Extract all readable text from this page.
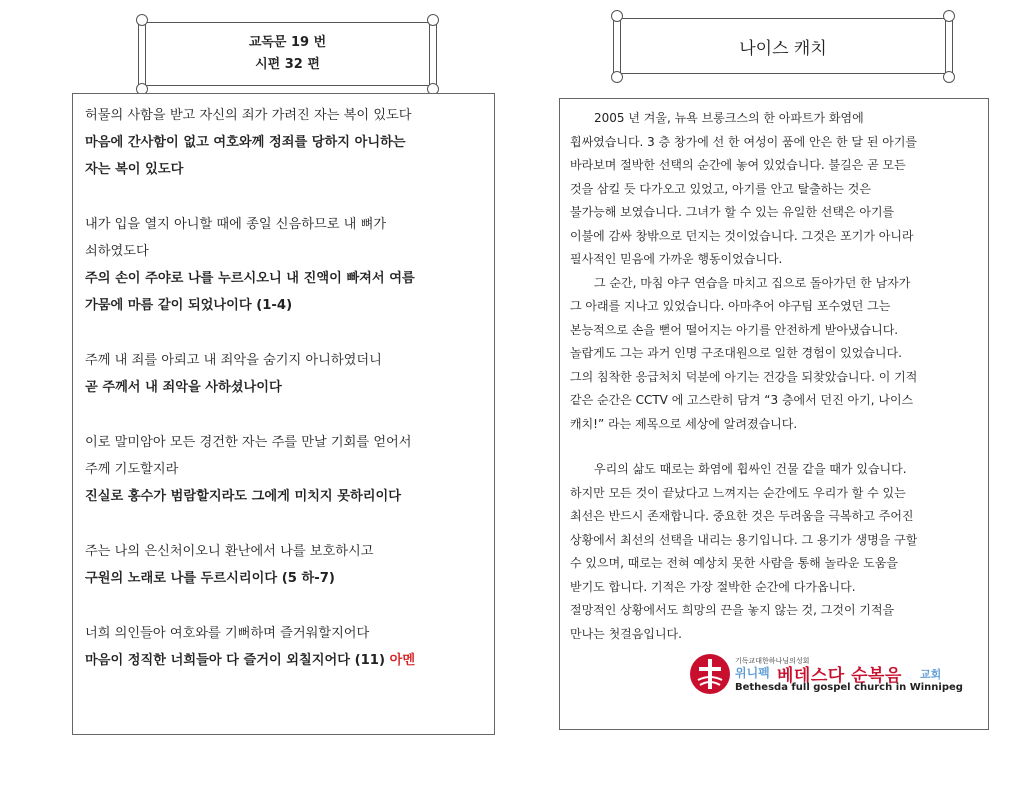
교독문 19 번
시편 32 편
나이스 캐치
허물의 사함을 받고 자신의 죄가 가려진 자는 복이 있도다
마음에 간사함이 없고 여호와께 정죄를 당하지 아니하는
자는 복이 있도다
내가 입을 열지 아니할 때에 종일 신음하므로 내 뼈가
쇠하였도다
주의 손이 주야로 나를 누르시오니 내 진액이 빠져서 여름
가뭄에 마름 같이 되었나이다 (1-4)
주께 내 죄를 아뢰고 내 죄악을 숨기지 아니하였더니
곧 주께서 내 죄악을 사하셨나이다
이로 말미암아 모든 경건한 자는 주를 만날 기회를 얻어서
주께 기도할지라
진실로 홍수가 범람할지라도 그에게 미치지 못하리이다
주는 나의 은신처이오니 환난에서 나를 보호하시고
구원의 노래로 나를 두르시리이다 (5 하-7)
너희 의인들아 여호와를 기뻐하며 즐거워할지어다
마음이 정직한 너희들아 다 즐거이 외칠지어다 (11) 아멘

2005 년 겨울, 뉴욕 브롱크스의 한 아파트가 화염에

휩싸였습니다. 3 층 창가에 선 한 여성이 품에 안은 한 달 된 아기를

바라보며 절박한 선택의 순간에 놓여 있었습니다. 불길은 곧 모든

것을 삼킬 듯 다가오고 있었고, 아기를 안고 탈출하는 것은

불가능해 보였습니다. 그녀가 할 수 있는 유일한 선택은 아기를

이불에 감싸 창밖으로 던지는 것이었습니다. 그것은 포기가 아니라

필사적인 믿음에 가까운 행동이었습니다.

그 순간, 마침 야구 연습을 마치고 집으로 돌아가던 한 남자가

그 아래를 지나고 있었습니다. 아마추어 야구팀 포수였던 그는

본능적으로 손을 뻗어 떨어지는 아기를 안전하게 받아냈습니다.

놀랍게도 그는 과거 인명 구조대원으로 일한 경험이 있었습니다.

그의 침착한 응급처치 덕분에 아기는 건강을 되찾았습니다. 이 기적

같은 순간은 CCTV 에 고스란히 담겨 “3 층에서 던진 아기, 나이스

캐치!” 라는 제목으로 세상에 알려졌습니다.

우리의 삶도 때로는 화염에 휩싸인 건물 같을 때가 있습니다.

하지만 모든 것이 끝났다고 느껴지는 순간에도 우리가 할 수 있는

최선은 반드시 존재합니다. 중요한 것은 두려움을 극복하고 주어진

상황에서 최선의 선택을 내리는 용기입니다. 그 용기가 생명을 구할

수 있으며, 때로는 전혀 예상치 못한 사람을 통해 놀라운 도움을

받기도 합니다. 기적은 가장 절박한 순간에 다가옵니다.

절망적인 상황에서도 희망의 끈을 놓지 않는 것, 그것이 기적을

만나는 첫걸음입니다.

기독교대한하나님의성회
위니펙 베데스다 순복음 교회
Bethesda full gospel church in Winnipeg
